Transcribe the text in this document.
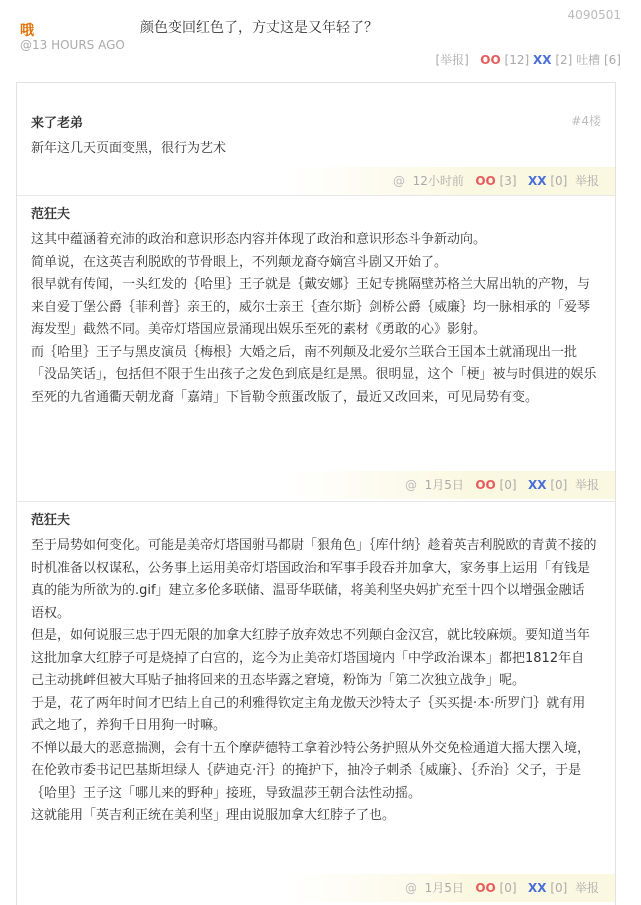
哦
@13 HOURS AGO
颜色变回红色了，方丈这是又年轻了？
4090501
[举报] OO [12] XX [2] 吐槽 [6]
来了老弟	#4楼

新年这几天页面变黑，很行为艺术

@ 12小时前 OO [3] XX [0] 举报
范狂夫

这其中蕴涵着充沛的政治和意识形态内容并体现了政治和意识形态斗争新动向。

简单说，在这英吉利脱欧的节骨眼上，不列颠龙裔夺嫡宫斗剧又开始了。

很早就有传闻，一头红发的｛哈里｝王子就是｛戴安娜｝王妃专挑隔壁苏格兰大屌出轨的产物，与来自爱丁堡公爵｛菲利普｝亲王的，威尔士亲王｛查尔斯｝剑桥公爵｛威廉｝均一脉相承的「爱琴海发型」截然不同。美帝灯塔国应景涌现出娱乐至死的素材《勇敢的心》影射。

而｛哈里｝王子与黑皮演员｛梅根｝大婚之后，南不列颠及北爱尔兰联合王国本土就涌现出一批「没品笑话」，包括但不限于生出孩子之发色到底是红是黑。很明显，这个「梗」被与时俱进的娱乐至死的九省通衢天朝龙裔「嘉靖」下旨勒令煎蛋改版了，最近又改回来，可见局势有变。

@ 1月5日 OO [0] XX [0] 举报
范狂夫

至于局势如何变化。可能是美帝灯塔国驸马都尉「狠角色」｛库什纳｝趁着英吉利脱欧的青黄不接的时机准备以权谋私，公务事上运用美帝灯塔国政治和军事手段吞并加拿大，家务事上运用「有钱是真的能为所欲为的.gif」建立多伦多联储、温哥华联储，将美利坚央妈扩充至十四个以增强金融话语权。

但是，如何说服三忠于四无限的加拿大红脖子放弃效忠不列颠白金汉宫，就比较麻烦。要知道当年这批加拿大红脖子可是烧掉了白宫的，迄今为止美帝灯塔国境内「中学政治课本」都把1812年自己主动挑衅但被大耳贴子抽将回来的丑态毕露之窘境，粉饰为「第二次独立战争」呢。

于是，花了两年时间才巴结上自己的利雅得钦定主角龙傲天沙特太子｛买买提·本·所罗门｝就有用武之地了，养狗千日用狗一时嘛。

不惮以最大的恶意揣测，会有十五个摩萨德特工拿着沙特公务护照从外交免检通道大摇大摆入境，在伦敦市委书记巴基斯坦绿人｛萨迪克·汗｝的掩护下，抽冷子刺杀｛威廉｝、｛乔治｝父子，于是｛哈里｝王子这「哪儿来的野种」接班，导致温莎王朝合法性动摇。

这就能用「英吉利正统在美利坚」理由说服加拿大红脖子了也。

@ 1月5日 OO [0] XX [0] 举报
